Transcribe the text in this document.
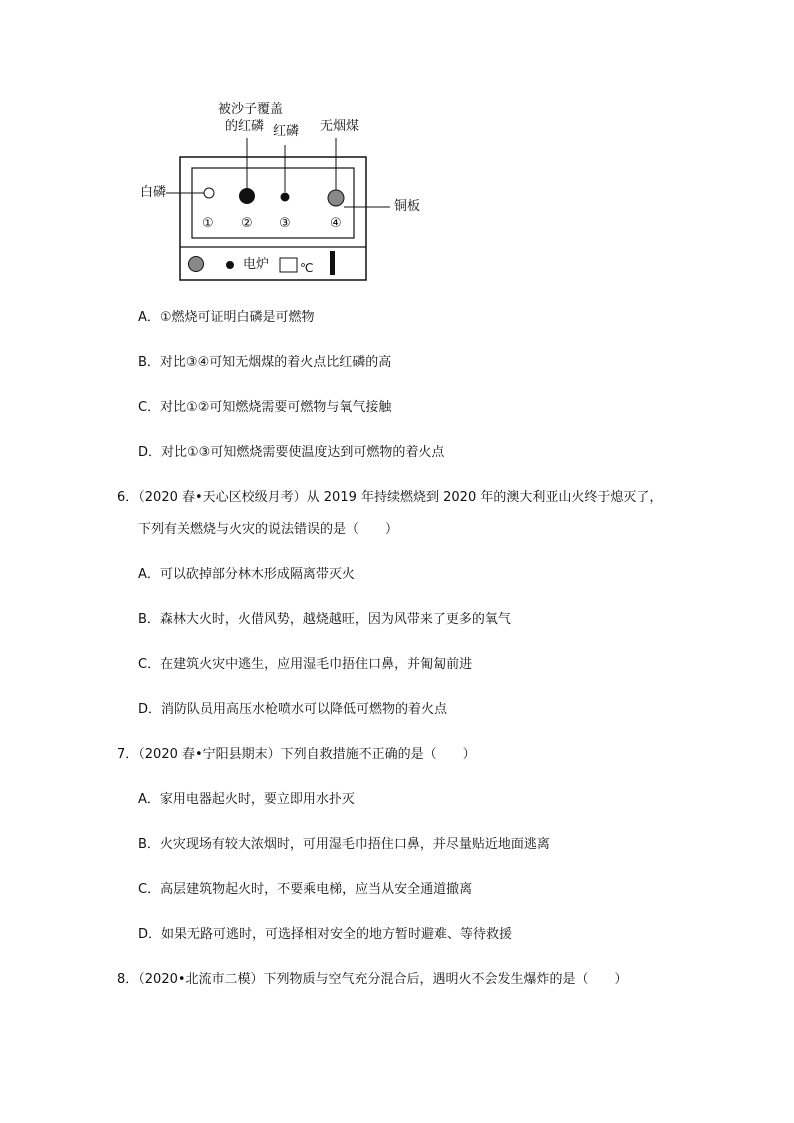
被沙子覆盖
的红磷 红磷 无烟煤
白磷
铜板
① ② ③	④
电炉	℃
A．①燃烧可证明白磷是可燃物
B．对比③④可知无烟煤的着火点比红磷的高
C．对比①②可知燃烧需要可燃物与氧气接触
D．对比①③可知燃烧需要使温度达到可燃物的着火点
6．（2020 春•天心区校级月考）从 2019 年持续燃烧到 2020 年的澳大利亚山火终于熄灭了，
下列有关燃烧与火灾的说法错误的是（　　）
A．可以砍掉部分林木形成隔离带灭火
B．森林大火时，火借风势，越烧越旺，因为风带来了更多的氧气
C．在建筑火灾中逃生，应用湿毛巾捂住口鼻，并匍匐前进
D．消防队员用高压水枪喷水可以降低可燃物的着火点
7．（2020 春•宁阳县期末）下列自救措施不正确的是（　　）
A．家用电器起火时，要立即用水扑灭
B．火灾现场有较大浓烟时，可用湿毛巾捂住口鼻，并尽量贴近地面逃离
C．高层建筑物起火时，不要乘电梯，应当从安全通道撤离
D．如果无路可逃时，可选择相对安全的地方暂时避难、等待救援
8．（2020•北流市二模）下列物质与空气充分混合后，遇明火不会发生爆炸的是（　　）
